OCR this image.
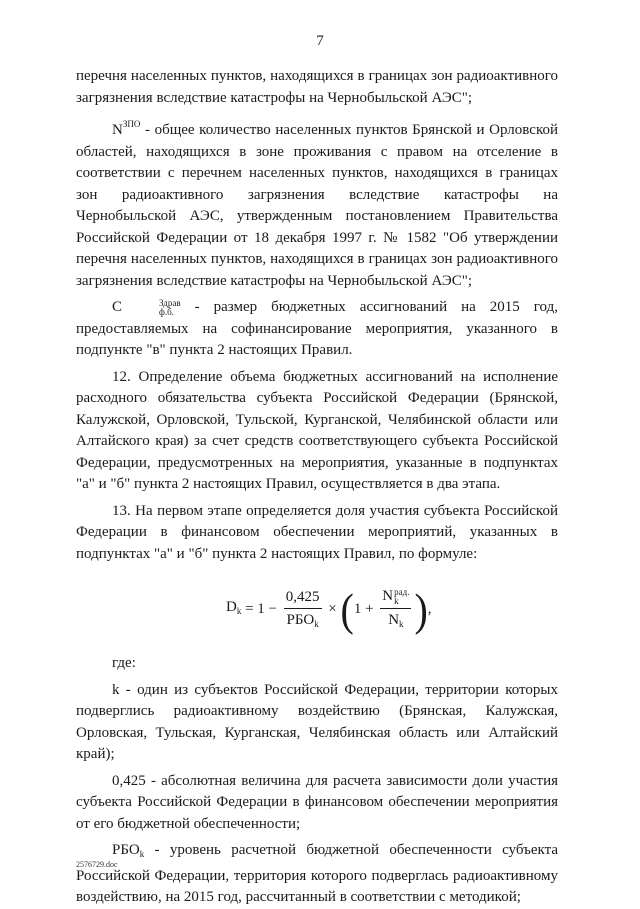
7

перечня населенных пунктов, находящихся в границах зон радиоактивного загрязнения вследствие катастрофы на Чернобыльской АЭС";

$N^{ЗПО}$ - общее количество населенных пунктов Брянской и Орловской областей, находящихся в зоне проживания с правом на отселение в соответствии с перечнем населенных пунктов, находящихся в границах зон радиоактивного загрязнения вследствие катастрофы на Чернобыльской АЭС, утвержденным постановлением Правительства Российской Федерации от 18 декабря 1997 г. № 1582 "Об утверждении перечня населенных пунктов, находящихся в границах зон радиоактивного загрязнения вследствие катастрофы на Чернобыльской АЭС";

С	Здрав
ф.б. - размер бюджетных ассигнований на 2015 год, предоставляемых на софинансирование мероприятия, указанного в подпункте "в" пункта 2 настоящих Правил.

12. Определение объема бюджетных ассигнований на исполнение расходного обязательства субъекта Российской Федерации (Брянской, Калужской, Орловской, Тульской, Курганской, Челябинской области или Алтайского края) за счет средств соответствующего субъекта Российской Федерации, предусмотренных на мероприятия, указанные в подпунктах "а" и "б" пункта 2 настоящих Правил, осуществляется в два этапа.

13. На первом этапе определяется доля участия субъекта Российской Федерации в финансовом обеспечении мероприятий, указанных в подпунктах "а" и "б" пункта 2 настоящих Правил, по формуле:

$D_k = 1 - \frac{0,425}{РБО_k}$ × ( 1 + N рад.
k
$N_k$ ) ,

где:

k - один из субъектов Российской Федерации, территории которых подверглись радиоактивному воздействию (Брянская, Калужская, Орловская, Тульская, Курганская, Челябинская область или Алтайский край);

0,425 - абсолютная величина для расчета зависимости доли участия субъекта Российской Федерации в финансовом обеспечении мероприятия от его бюджетной обеспеченности;

$РБО_k$ - уровень расчетной бюджетной обеспеченности субъекта Российской Федерации, территория которого подверглась радиоактивному воздействию, на 2015 год, рассчитанный в соответствии с методикой;

2576729.doc
